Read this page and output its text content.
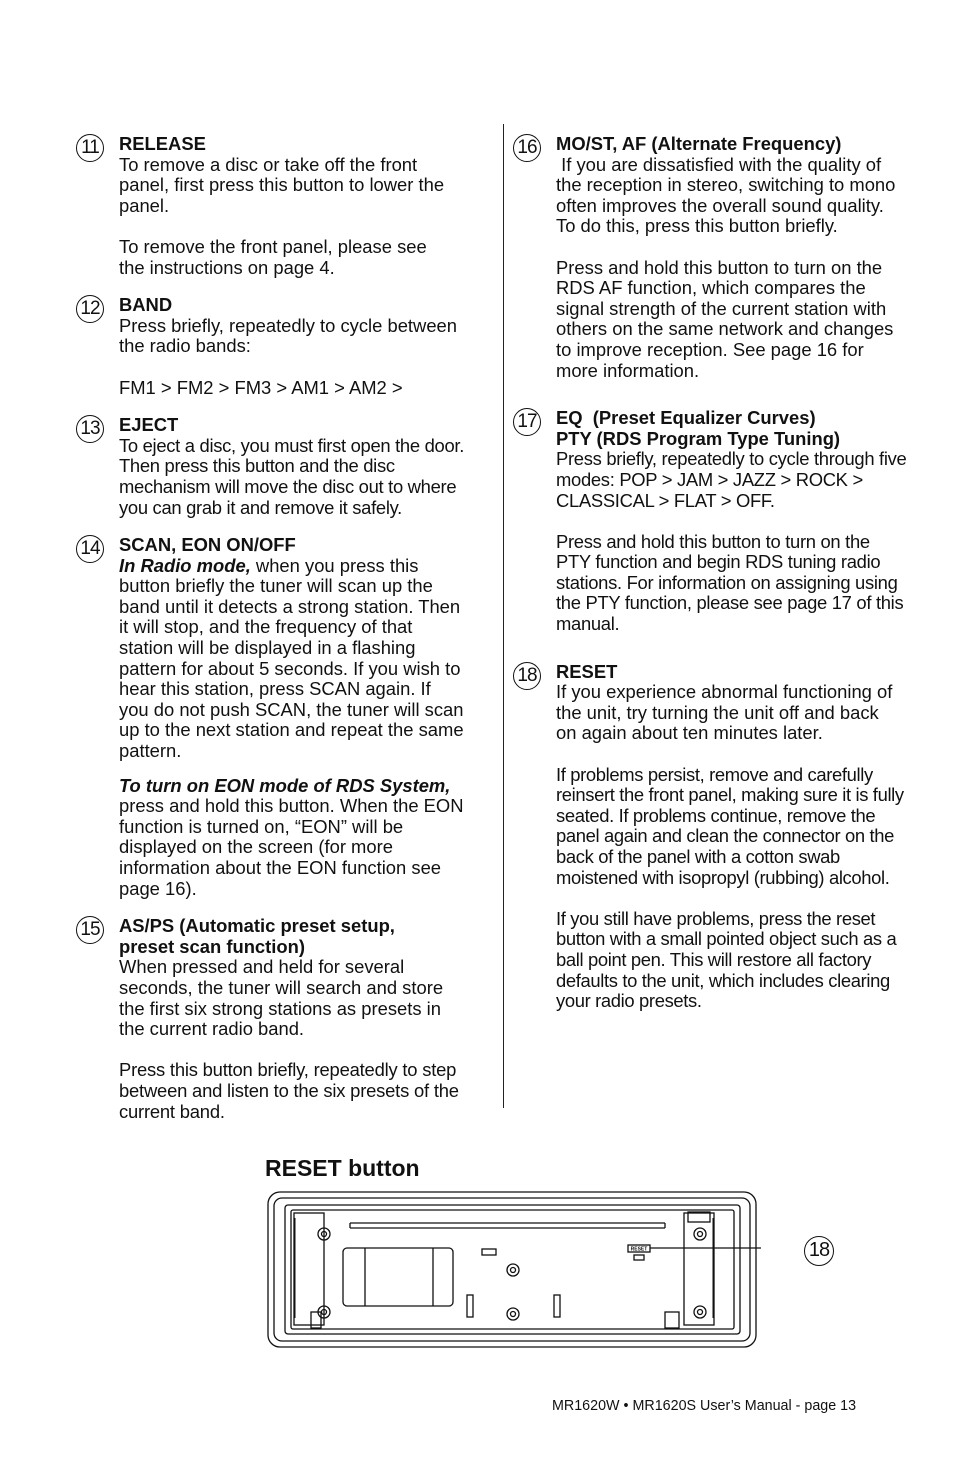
11 RELEASE

To remove a disc or take off the front panel, first press this button to lower the panel.

To remove the front panel, please see the instructions on page 4.

12 BAND

Press briefly, repeatedly to cycle between the radio bands:

FM1 > FM2 > FM3 > AM1 > AM2 >

13 EJECT

To eject a disc, you must first open the door. Then press this button and the disc mechanism will move the disc out to where you can grab it and remove it safely.

14 SCAN, EON ON/OFF

In Radio mode, when you press this button briefly the tuner will scan up the band until it detects a strong station. Then it will stop, and the frequency of that station will be displayed in a flashing pattern for about 5 seconds. If you wish to hear this station, press SCAN again. If you do not push SCAN, the tuner will scan up to the next station and repeat the same pattern.

To turn on EON mode of RDS System, press and hold this button. When the EON function is turned on, “EON” will be displayed on the screen (for more information about the EON function see page 16).

15 AS/PS (Automatic preset setup,
preset scan function)

When pressed and held for several seconds, the tuner will search and store the first six strong stations as presets in the current radio band.

Press this button briefly, repeatedly to step between and listen to the six presets of the current band.

16 MO/ST, AF (Alternate Frequency)

If you are dissatisfied with the quality of the reception in stereo, switching to mono often improves the overall sound quality. To do this, press this button briefly.

Press and hold this button to turn on the RDS AF function, which compares the signal strength of the current station with others on the same network and changes to improve reception. See page 16 for more information.

17 EQ  (Preset Equalizer Curves)
PTY (RDS Program Type Tuning)

Press briefly, repeatedly to cycle through five modes: POP > JAM > JAZZ > ROCK > CLASSICAL > FLAT > OFF.

Press and hold this button to turn on the PTY function and begin RDS tuning radio stations. For information on assigning using the PTY function, please see page 17 of this manual.

18 RESET

If you experience abnormal functioning of the unit, try turning the unit off and back on again about ten minutes later.

If problems persist, remove and carefully reinsert the front panel, making sure it is fully seated. If problems continue, remove the panel again and clean the connector on the back of the panel with a cotton swab moistened with isopropyl (rubbing) alcohol.

If you still have problems, press the reset button with a small pointed object such as a ball point pen. This will restore all factory defaults to the unit, which includes clearing your radio presets.

RESET button
RESET	18
MR1620W • MR1620S User’s Manual - page 13
